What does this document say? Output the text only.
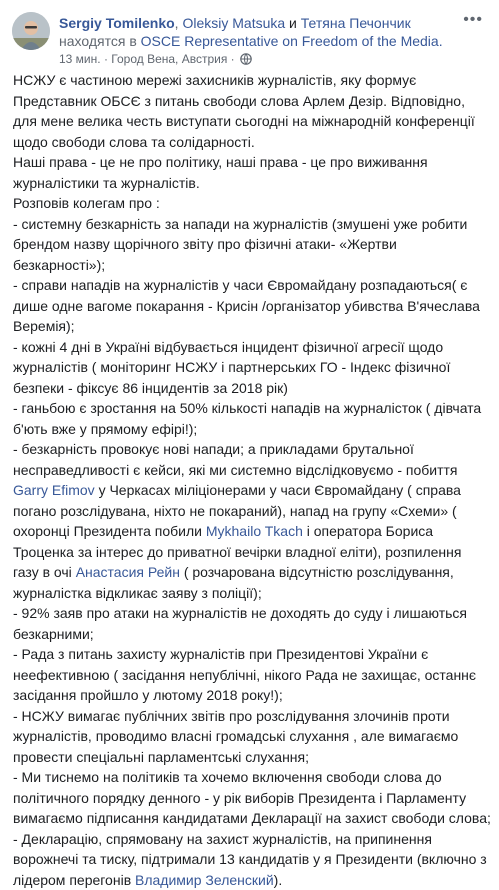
Sergiy Tomilenko, Oleksiy Matsuka и Тетяна Печончик
находятся в OSCE Representative on Freedom of the Media.
13 мин. · Город Вена, Австрия ·
•••
НСЖУ є частиною мережі захисників журналістів, яку формує Представник ОБСЄ з питань свободи слова Арлем Дезір. Відповідно, для мене велика честь виступати сьогодні на міжнародній конференції щодо свободи слова та солідарності.
Наші права - це не про політику, наші права - це про виживання журналістики та журналістів.
Розповів колегам про :
- системну безкарність за напади на журналістів (змушені уже робити брендом назву щорічного звіту про фізичні атаки- «Жертви безкарності»);
- справи нападів на журналістів у часи Євромайдану розпадаються( є дише одне вагоме покарання - Крисін /організатор убивства В'ячеслава Веремія);
- кожні 4 дні в Україні відбувається інцидент фізичної агресії щодо журналістів ( моніторинг НСЖУ і партнерських ГО - Індекс фізичної безпеки - фіксує 86 інцидентів за 2018 рік)
- ганьбою є зростання на 50% кількості нападів на журналісток ( дівчата б'ють вже у прямому ефірі!);
- безкарність провокує нові напади; а прикладами брутальної несправедливості є кейси, які ми системно відслідковуємо - побиття Garry Efimov у Черкасах міліціонерами у часи Євромайдану ( справа погано розслідувана, ніхто не покараний), напад на групу «Схеми» ( охоронці Президента побили Mykhailo Tkach і оператора Бориса Троценка за інтерес до приватної вечірки владної еліти), розпилення газу в очі Анастасия Рейн ( розчарована відсутністю розслідування, журналістка відкликає заяву з поліції);
- 92% заяв про атаки на журналістів не доходять до суду і лишаються безкарними;
- Рада з питань захисту журналістів при Президентові України є неефективною ( засідання непублічні, нікого Рада не захищає, останнє засідання пройшло у лютому 2018 року!);
- НСЖУ вимагає публічних звітів про розслідування злочинів проти журналістів, проводимо власні громадські слухання , але вимагаємо провести спеціальні парламентські слухання;
- Ми тиснемо на політиків та хочемо включення свободи слова до політичного порядку денного - у рік виборів Президента і Парламенту вимагаємо підписання кандидатами Декларації на захист свободи слова;
- Декларацію, спрямовану на захист журналістів, на припинення ворожнечі та тиску, підтримали 13 кандидатів у я Президенти (включно з лідером перегонів Владимир Зеленский).
